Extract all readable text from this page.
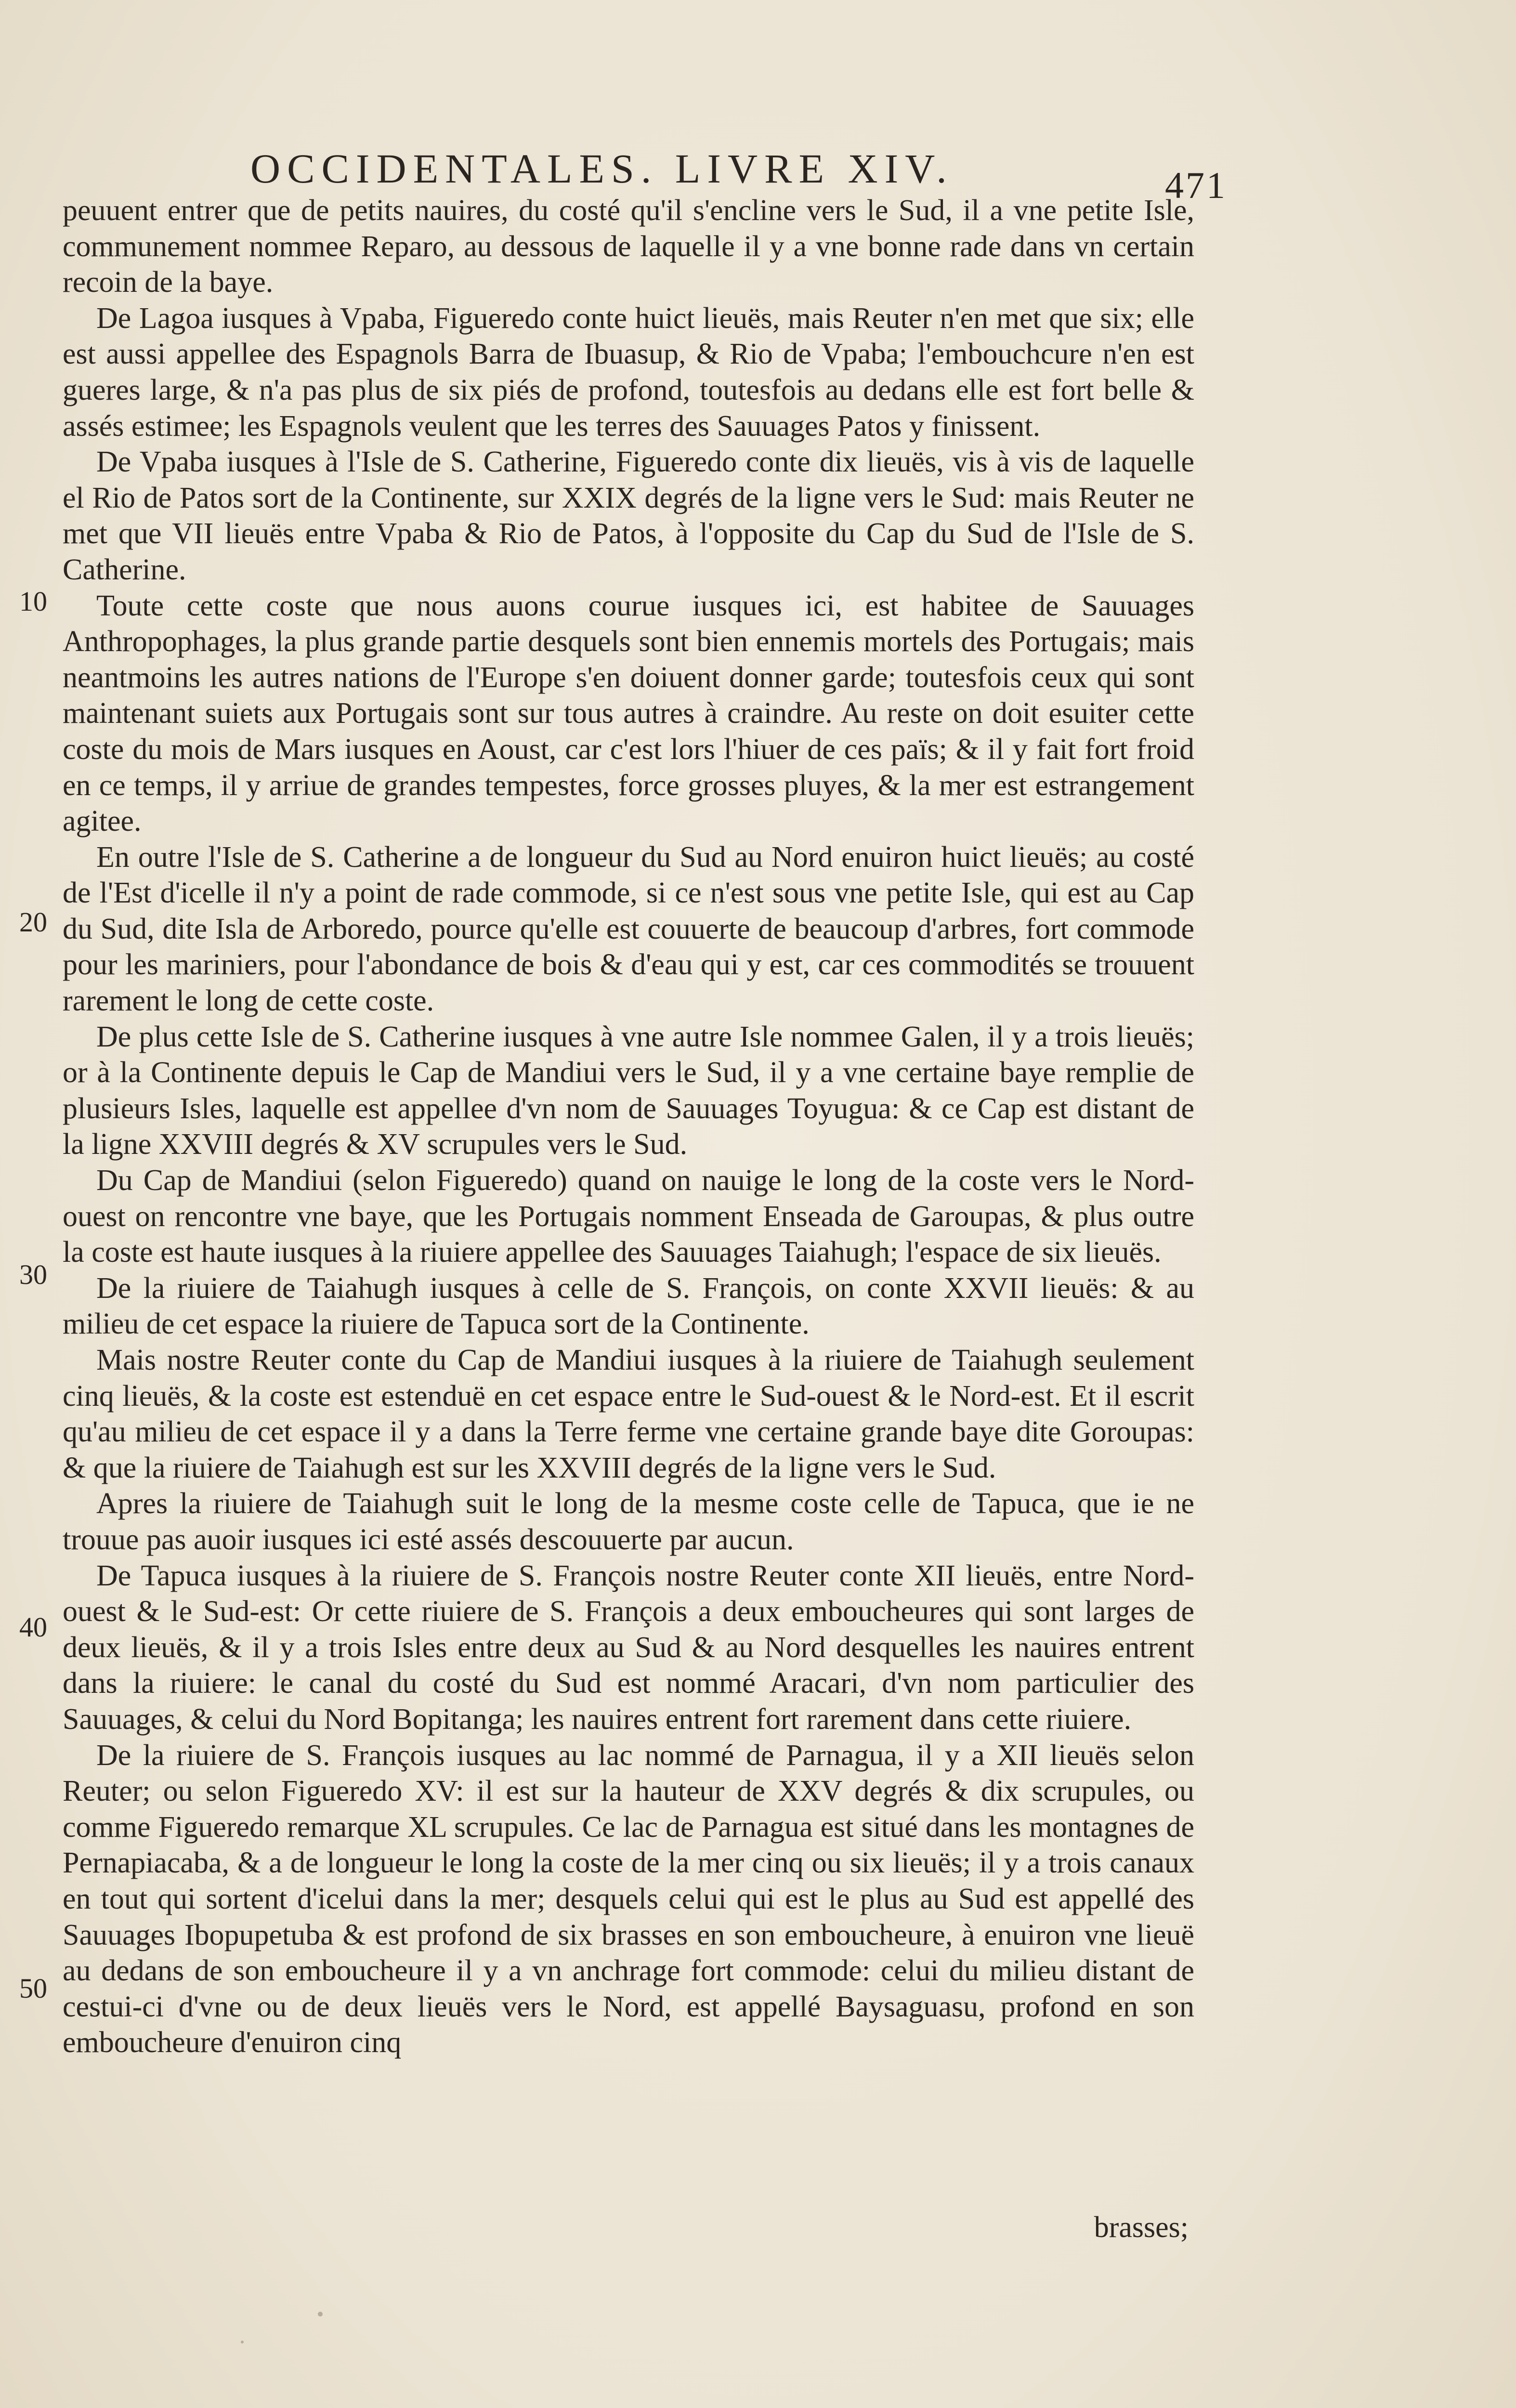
OCCIDENTALES. LIVRE XIV.	471
10
20
30
40
50

peuuent entrer que de petits nauires, du costé qu'il s'encline vers le Sud, il a vne petite Isle, communement nommee Reparo, au dessous de laquelle il y a vne bonne rade dans vn certain recoin de la baye.

De Lagoa iusques à Vpaba, Figueredo conte huict lieuës, mais Reuter n'en met que six; elle est aussi appellee des Espagnols Barra de Ibuasup, & Rio de Vpaba; l'embouchcure n'en est gueres large, & n'a pas plus de six piés de profond, toutesfois au dedans elle est fort belle & assés estimee; les Espagnols veulent que les terres des Sauuages Patos y finissent.

De Vpaba iusques à l'Isle de S. Catherine, Figueredo conte dix lieuës, vis à vis de laquelle el Rio de Patos sort de la Continente, sur XXIX degrés de la ligne vers le Sud: mais Reuter ne met que VII lieuës entre Vpaba & Rio de Patos, à l'opposite du Cap du Sud de l'Isle de S. Catherine.

Toute cette coste que nous auons courue iusques ici, est habitee de Sauuages Anthropophages, la plus grande partie desquels sont bien ennemis mortels des Portugais; mais neantmoins les autres nations de l'Europe s'en doiuent donner garde; toutesfois ceux qui sont maintenant suiets aux Portugais sont sur tous autres à craindre. Au reste on doit esuiter cette coste du mois de Mars iusques en Aoust, car c'est lors l'hiuer de ces païs; & il y fait fort froid en ce temps, il y arriue de grandes tempestes, force grosses pluyes, & la mer est estrangement agitee.

En outre l'Isle de S. Catherine a de longueur du Sud au Nord enuiron huict lieuës; au costé de l'Est d'icelle il n'y a point de rade commode, si ce n'est sous vne petite Isle, qui est au Cap du Sud, dite Isla de Arboredo, pource qu'elle est couuerte de beaucoup d'arbres, fort commode pour les mariniers, pour l'abondance de bois & d'eau qui y est, car ces commodités se trouuent rarement le long de cette coste.

De plus cette Isle de S. Catherine iusques à vne autre Isle nommee Galen, il y a trois lieuës; or à la Continente depuis le Cap de Mandiui vers le Sud, il y a vne certaine baye remplie de plusieurs Isles, laquelle est appellee d'vn nom de Sauuages Toyugua: & ce Cap est distant de la ligne XXVIII degrés & XV scrupules vers le Sud.

Du Cap de Mandiui (selon Figueredo) quand on nauige le long de la coste vers le Nord-ouest on rencontre vne baye, que les Portugais nomment Enseada de Garoupas, & plus outre la coste est haute iusques à la riuiere appellee des Sauuages Taiahugh; l'espace de six lieuës.

De la riuiere de Taiahugh iusques à celle de S. François, on conte XXVII lieuës: & au milieu de cet espace la riuiere de Tapuca sort de la Continente.

Mais nostre Reuter conte du Cap de Mandiui iusques à la riuiere de Taiahugh seulement cinq lieuës, & la coste est estenduë en cet espace entre le Sud-ouest & le Nord-est. Et il escrit qu'au milieu de cet espace il y a dans la Terre ferme vne certaine grande baye dite Goroupas: & que la riuiere de Taiahugh est sur les XXVIII degrés de la ligne vers le Sud.

Apres la riuiere de Taiahugh suit le long de la mesme coste celle de Tapuca, que ie ne trouue pas auoir iusques ici esté assés descouuerte par aucun.

De Tapuca iusques à la riuiere de S. François nostre Reuter conte XII lieuës, entre Nord-ouest & le Sud-est: Or cette riuiere de S. François a deux emboucheures qui sont larges de deux lieuës, & il y a trois Isles entre deux au Sud & au Nord desquelles les nauires entrent dans la riuiere: le canal du costé du Sud est nommé Aracari, d'vn nom particulier des Sauuages, & celui du Nord Bopitanga; les nauires entrent fort rarement dans cette riuiere.

De la riuiere de S. François iusques au lac nommé de Parnagua, il y a XII lieuës selon Reuter; ou selon Figueredo XV: il est sur la hauteur de XXV degrés & dix scrupules, ou comme Figueredo remarque XL scrupules. Ce lac de Parnagua est situé dans les montagnes de Pernapiacaba, & a de longueur le long la coste de la mer cinq ou six lieuës; il y a trois canaux en tout qui sortent d'icelui dans la mer; desquels celui qui est le plus au Sud est appellé des Sauuages Ibopupetuba & est profond de six brasses en son emboucheure, à enuiron vne lieuë au dedans de son emboucheure il y a vn anchrage fort commode: celui du milieu distant de cestui-ci d'vne ou de deux lieuës vers le Nord, est appellé Baysaguasu, profond en son emboucheure d'enuiron cinq

brasses;
